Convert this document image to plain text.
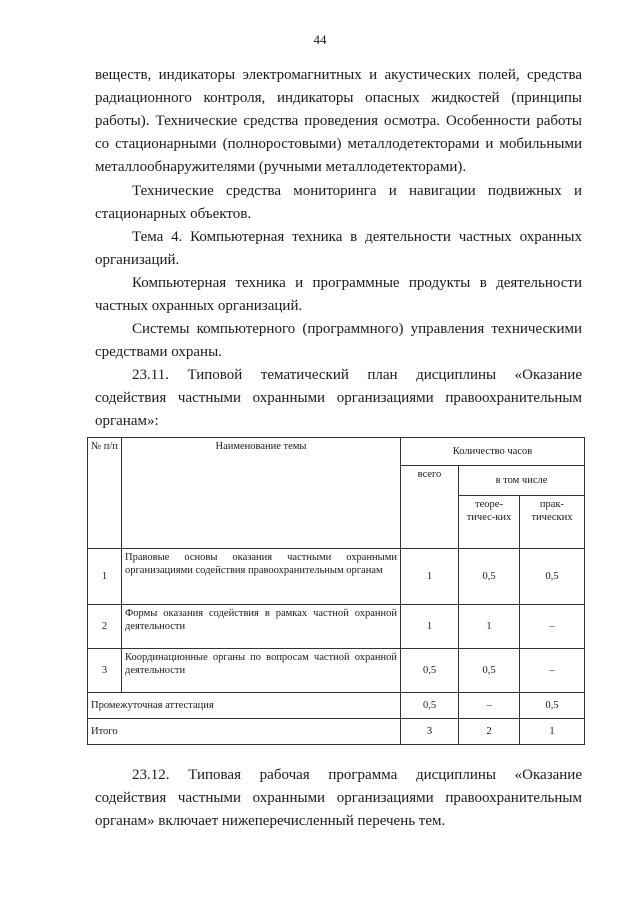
44

веществ, индикаторы электромагнитных и акустических полей, средства радиационного контроля, индикаторы опасных жидкостей (принципы работы). Технические средства проведения осмотра. Особенности работы со стационарными (полноростовыми) металлодетекторами и мобильными металлообнаружителями (ручными металлодетекторами).

Технические средства мониторинга и навигации подвижных и стационарных объектов.

Тема 4. Компьютерная техника в деятельности частных охранных организаций.

Компьютерная техника и программные продукты в деятельности частных охранных организаций.

Системы компьютерного (программного) управления техническими средствами охраны.

23.11. Типовой тематический план дисциплины «Оказание содействия частными охранными организациями правоохранительным органам»:

№ п/п	Наименование темы	Количество часов		
		всего	в том числе	
			теоре-тичес-ких	прак-тических
1	Правовые основы оказания частными охранными организациями содействия правоохранительным органам	1	0,5	0,5
2	Формы оказания содействия в рамках частной охранной деятельности	1	1	–
3	Координационные органы по вопросам частной охранной деятельности	0,5	0,5	–
Промежуточная аттестация		0,5	–	0,5
Итого		3	2	1

23.12. Типовая рабочая программа дисциплины «Оказание содействия частными охранными организациями правоохранительным органам» включает нижеперечисленный перечень тем.
